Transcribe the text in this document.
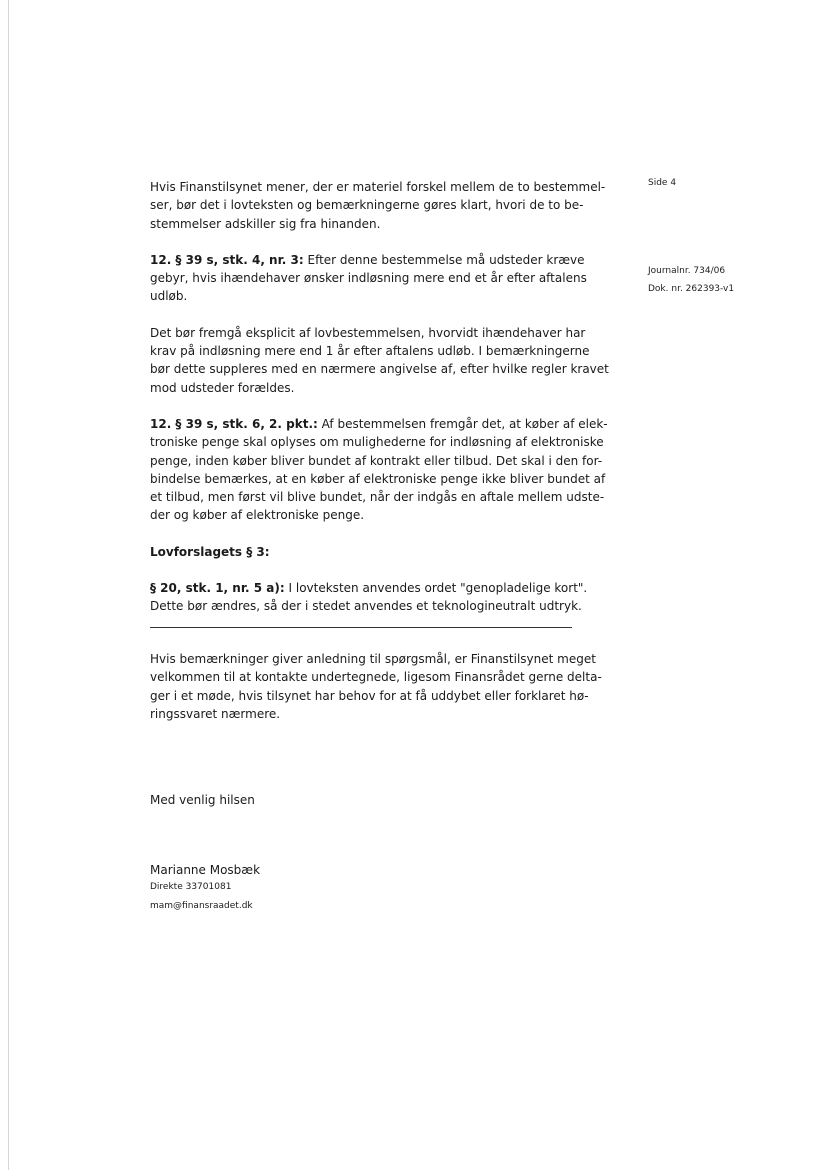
Side 4
Journalnr. 734/06
Dok. nr. 262393-v1

Hvis Finanstilsynet mener, der er materiel forskel mellem de to bestemmel-ser, bør det i lovteksten og bemærkningerne gøres klart, hvori de to be-stemmelser adskiller sig fra hinanden.

12. § 39 s, stk. 4, nr. 3: Efter denne bestemmelse må udsteder kræve gebyr, hvis ihændehaver ønsker indløsning mere end et år efter aftalens udløb.

Det bør fremgå eksplicit af lovbestemmelsen, hvorvidt ihændehaver har krav på indløsning mere end 1 år efter aftalens udløb. I bemærkningerne bør dette suppleres med en nærmere angivelse af, efter hvilke regler kravet mod udsteder forældes.

12. § 39 s, stk. 6, 2. pkt.: Af bestemmelsen fremgår det, at køber af elek-troniske penge skal oplyses om mulighederne for indløsning af elektroniske penge, inden køber bliver bundet af kontrakt eller tilbud. Det skal i den for-bindelse bemærkes, at en køber af elektroniske penge ikke bliver bundet af et tilbud, men først vil blive bundet, når der indgås en aftale mellem udste-der og køber af elektroniske penge.

Lovforslagets § 3:

§ 20, stk. 1, nr. 5 a): I lovteksten anvendes ordet "genopladelige kort". Dette bør ændres, så der i stedet anvendes et teknologineutralt udtryk.

Hvis bemærkninger giver anledning til spørgsmål, er Finanstilsynet meget velkommen til at kontakte undertegnede, ligesom Finansrådet gerne delta-ger i et møde, hvis tilsynet har behov for at få uddybet eller forklaret hø-ringssvaret nærmere.

Med venlig hilsen
Marianne Mosbæk
Direkte 33701081
mam@finansraadet.dk
